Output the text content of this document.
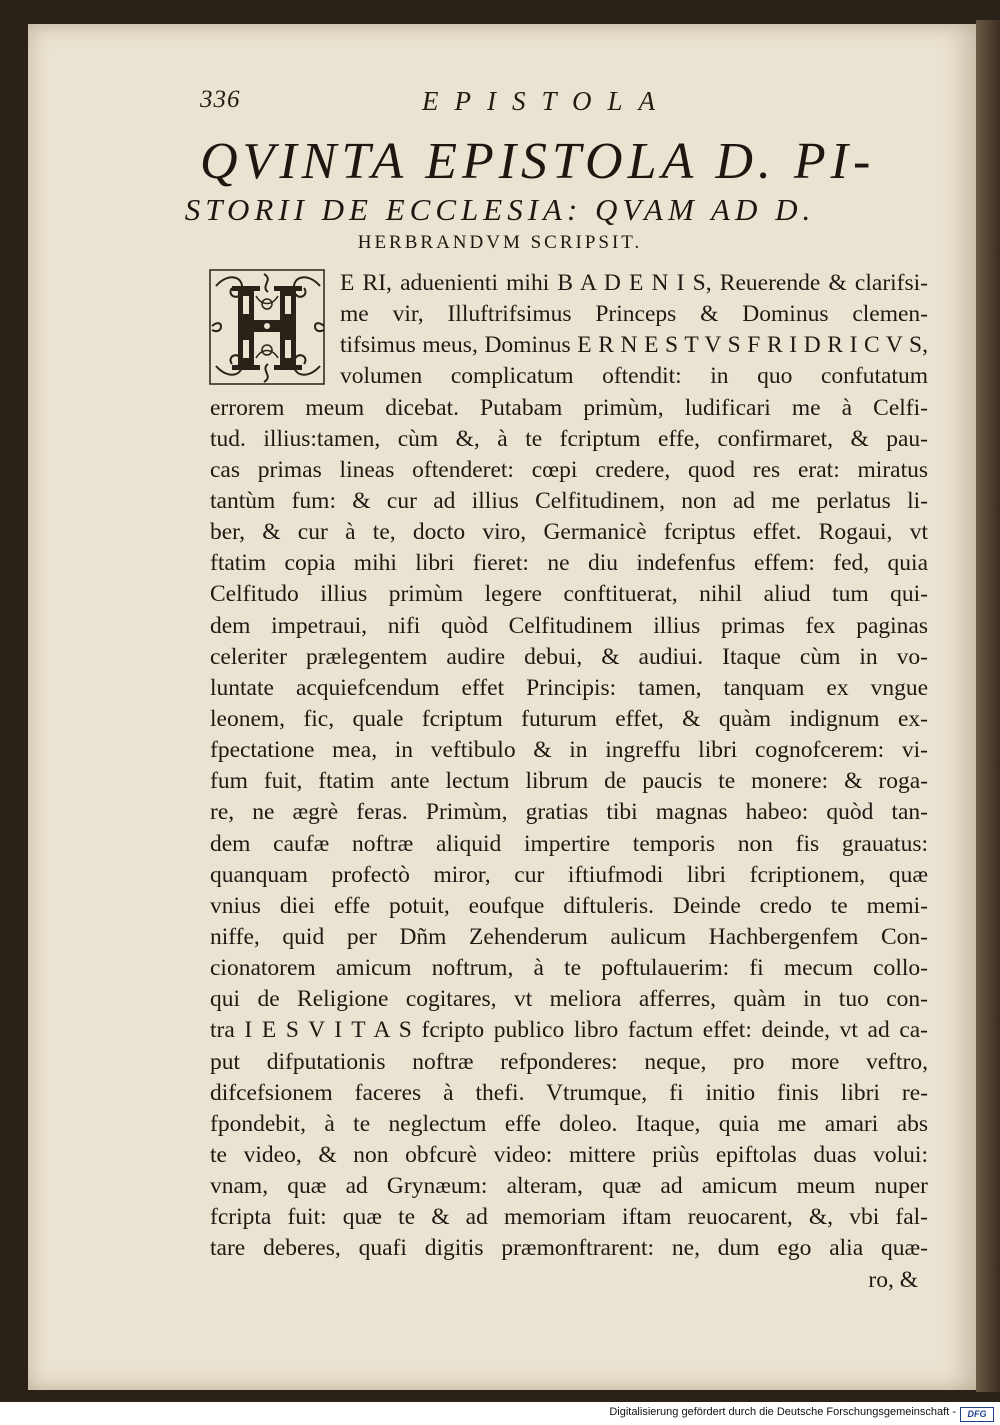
336	EPISTOLA
QVINTA EPISTOLA D. PI-
STORII DE ECCLESIA: QVAM AD D.
HERBRANDVM SCRIPSIT.
E RI, aduenienti mihi B A D E N I S, Reuerende & clarifsi-
me vir, Illuftrifsimus Princeps & Dominus clemen-
tifsimus meus, Dominus E R N E S T V S F R I D R I C V S,
volumen complicatum oftendit: in quo confutatum
errorem meum dicebat. Putabam primùm, ludificari me à Celfi-
tud. illius:tamen, cùm &, à te fcriptum effe, confirmaret, & pau-
cas primas lineas oftenderet: cœpi credere, quod res erat: miratus
tantùm fum: & cur ad illius Celfitudinem, non ad me perlatus li-
ber, & cur à te, docto viro, Germanicè fcriptus effet. Rogaui, vt
ftatim copia mihi libri fieret: ne diu indefenfus effem: fed, quia
Celfitudo illius primùm legere conftituerat, nihil aliud tum qui-
dem impetraui, nifi quòd Celfitudinem illius primas fex paginas
celeriter prælegentem audire debui, & audiui. Itaque cùm in vo-
luntate acquiefcendum effet Principis: tamen, tanquam ex vngue
leonem, fic, quale fcriptum futurum effet, & quàm indignum ex-
fpectatione mea, in veftibulo & in ingreffu libri cognofcerem: vi-
fum fuit, ftatim ante lectum librum de paucis te monere: & roga-
re, ne ægrè feras. Primùm, gratias tibi magnas habeo: quòd tan-
dem caufæ noftræ aliquid impertire temporis non fis grauatus:
quanquam profectò miror, cur iftiufmodi libri fcriptionem, quæ
vnius diei effe potuit, eoufque diftuleris. Deinde credo te memi-
niffe, quid per Dñm Zehenderum aulicum Hachbergenfem Con-
cionatorem amicum noftrum, à te poftulauerim: fi mecum collo-
qui de Religione cogitares, vt meliora afferres, quàm in tuo con-
tra I E S V I T A S fcripto publico libro factum effet: deinde, vt ad ca-
put difputationis noftræ refponderes: neque, pro more veftro,
difcefsionem faceres à thefi. Vtrumque, fi initio finis libri re-
fpondebit, à te neglectum effe doleo. Itaque, quia me amari abs
te video, & non obfcurè video: mittere priùs epiftolas duas volui:
vnam, quæ ad Grynæum: alteram, quæ ad amicum meum nuper
fcripta fuit: quæ te & ad memoriam iftam reuocarent, &, vbi fal-
tare deberes, quafi digitis præmonftrarent: ne, dum ego alia quæ-
ro, &
Digitalisierung gefördert durch die Deutsche Forschungsgemeinschaft -	DFG
